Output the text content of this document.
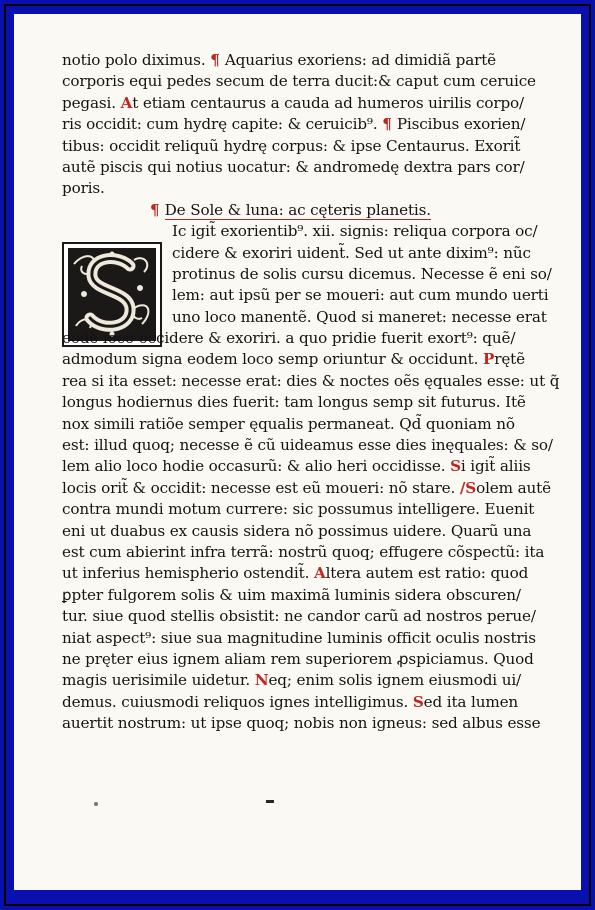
notio polo diximus. ¶ Aquarius exoriens: ad dimidiã partẽ
corporis equi pedes secum de terra ducit:& caput cum ceruice
pegasi. At etiam centaurus a cauda ad humeros uirilis corpo/
ris occidit: cum hydrę capite: & ceruicib⁹. ¶ Piscibus exorien/
tibus: occidit reliquũ hydrę corpus: & ipse Centaurus. Exorit̃
autẽ piscis qui notius uocatur: & andromedę dextra pars cor/
poris.
¶ De Sole & luna: ac cęteris planetis.
Ic igit̃ exorientib⁹. xii. signis: reliqua corpora oc/
cidere & exoriri uident̃. Sed ut ante dixim⁹: nũc
protinus de solis cursu dicemus. Necesse ẽ eni so/
lem: aut ipsũ per se moueri: aut cum mundo uerti
uno loco manentẽ. Quod si maneret: necesse erat
eodẽ loco occidere & exoriri. a quo pridie fuerit exort⁹: quẽ/
admodum signa eodem loco semp oriuntur & occidunt. Prętẽ
rea si ita esset: necesse erat: dies & noctes oẽs ęquales esse: ut q̃
longus hodiernus dies fuerit: tam longus semp sit futurus. Itẽ
nox simili ratiõe semper ęqualis permaneat. Qd̃ quoniam nõ
est: illud quoq; necesse ẽ cũ uideamus esse dies inęquales: & so/
lem alio loco hodie occasurũ: & alio heri occidisse. Si igit̃ aliis
locis orit̃ & occidit: necesse est eũ moueri: nõ stare. /Solem autẽ
contra mundi motum currere: sic possumus intelligere. Euenit
eni ut duabus ex causis sidera nõ possimus uidere. Quarũ una
est cum abierint infra terrã: nostrũ quoq; effugere cõspectũ: ita
ut inferius hemispherio ostendit̃. Altera autem est ratio: quod
ꝑpter fulgorem solis & uim maximã luminis sidera obscuren/
tur. siue quod stellis obsistit: ne candor carũ ad nostros perue/
niat aspect⁹: siue sua magnitudine luminis officit oculis nostris
ne pręter eius ignem aliam rem superiorem ꝓspiciamus. Quod
magis uerisimile uidetur. Neq; enim solis ignem eiusmodi ui/
demus. cuiusmodi reliquos ignes intelligimus. Sed ita lumen
auertit nostrum: ut ipse quoq; nobis non igneus: sed albus esse
